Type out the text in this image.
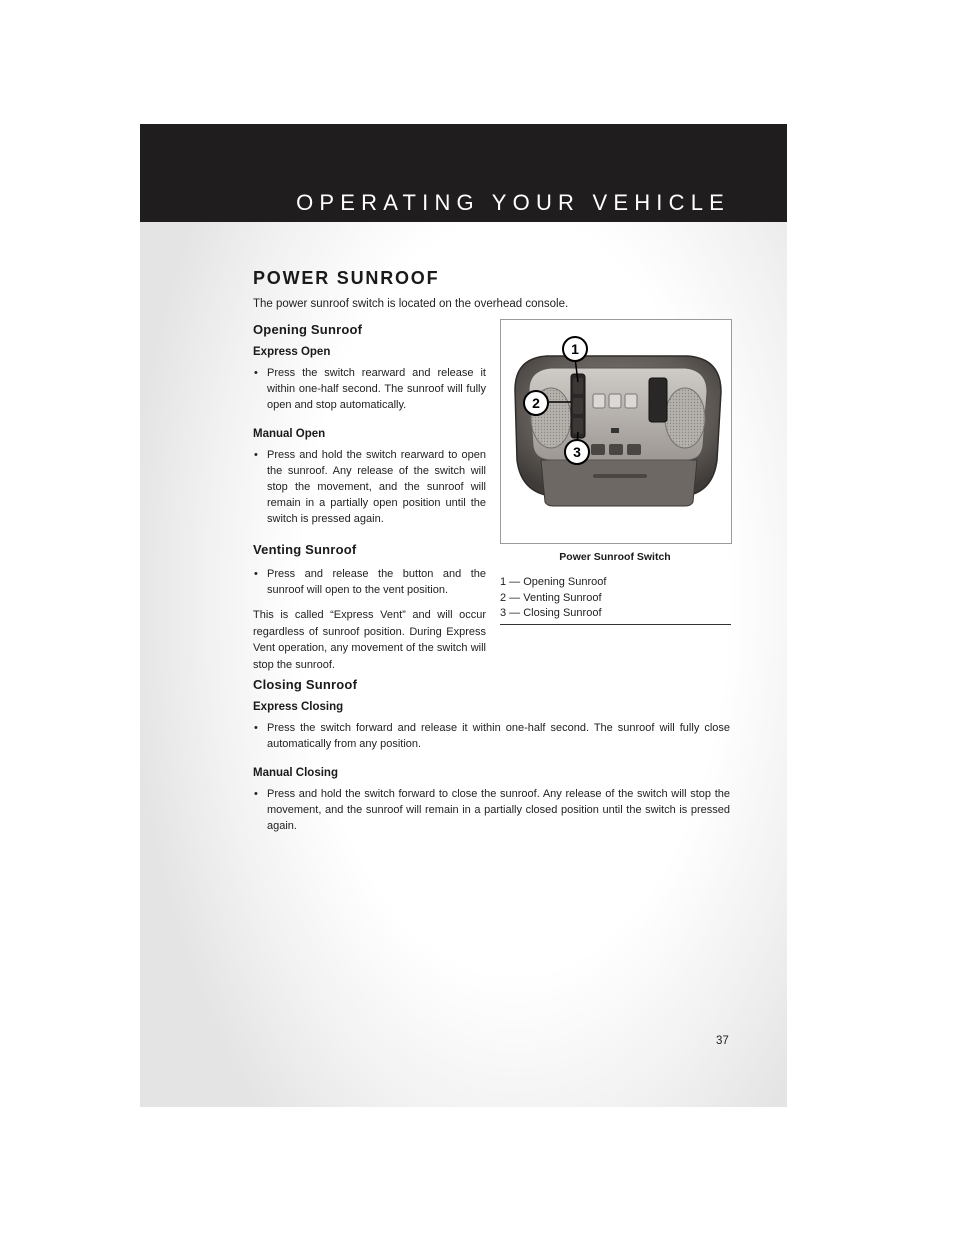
OPERATING YOUR VEHICLE
POWER SUNROOF
The power sunroof switch is located on the overhead console.
Opening Sunroof
Express Open
• Press the switch rearward and release it within one-half second. The sunroof will fully open and stop automatically.
Manual Open
• Press and hold the switch rearward to open the sunroof. Any release of the switch will stop the movement, and the sunroof will remain in a partially open position until the switch is pressed again.
Venting Sunroof
• Press and release the button and the sunroof will open to the vent position.

This is called “Express Vent” and will occur regardless of sunroof position. During Express Vent operation, any movement of the switch will stop the sunroof.

1
2
3
Power Sunroof Switch
1 — Opening Sunroof
2 — Venting Sunroof
3 — Closing Sunroof
Closing Sunroof
Express Closing
• Press the switch forward and release it within one-half second. The sunroof will fully close automatically from any position.
Manual Closing
• Press and hold the switch forward to close the sunroof. Any release of the switch will stop the movement, and the sunroof will remain in a partially closed position until the switch is pressed again.
37
